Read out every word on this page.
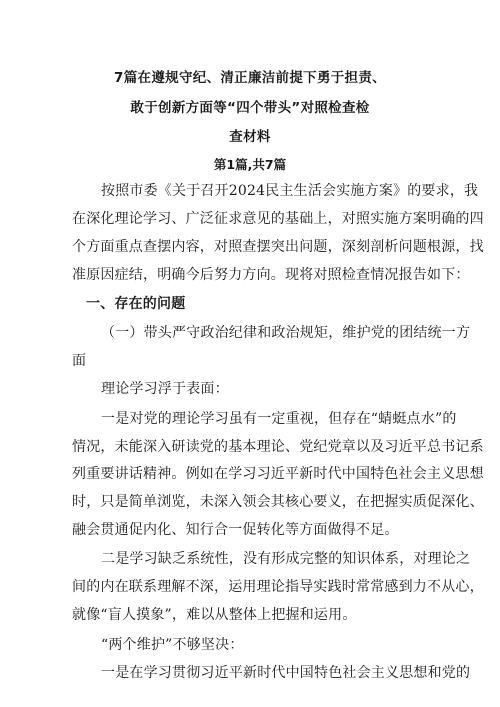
7篇在遵规守纪、清正廉洁前提下勇于担责、
敢于创新方面等“四个带头”对照检查检
查材料
第1篇,共7篇
按照市委《关于召开2024民主生活会实施方案》的要求，我
在深化理论学习、广泛征求意见的基础上，对照实施方案明确的四
个方面重点查摆内容，对照查摆突出问题，深刻剖析问题根源，找
准原因症结，明确今后努力方向。现将对照检查情况报告如下：
一、存在的问题
（一）带头严守政治纪律和政治规矩，维护党的团结统一方
面
理论学习浮于表面：
一是对党的理论学习虽有一定重视，但存在“蜻蜓点水”的
情况，未能深入研读党的基本理论、党纪党章以及习近平总书记系
列重要讲话精神。例如在学习习近平新时代中国特色社会主义思想
时，只是简单浏览，未深入领会其核心要义，在把握实质促深化、
融会贯通促内化、知行合一促转化等方面做得不足。
二是学习缺乏系统性，没有形成完整的知识体系，对理论之
间的内在联系理解不深，运用理论指导实践时常常感到力不从心，
就像“盲人摸象”，难以从整体上把握和运用。
“两个维护”不够坚决：
一是在学习贯彻习近平新时代中国特色社会主义思想和党的
